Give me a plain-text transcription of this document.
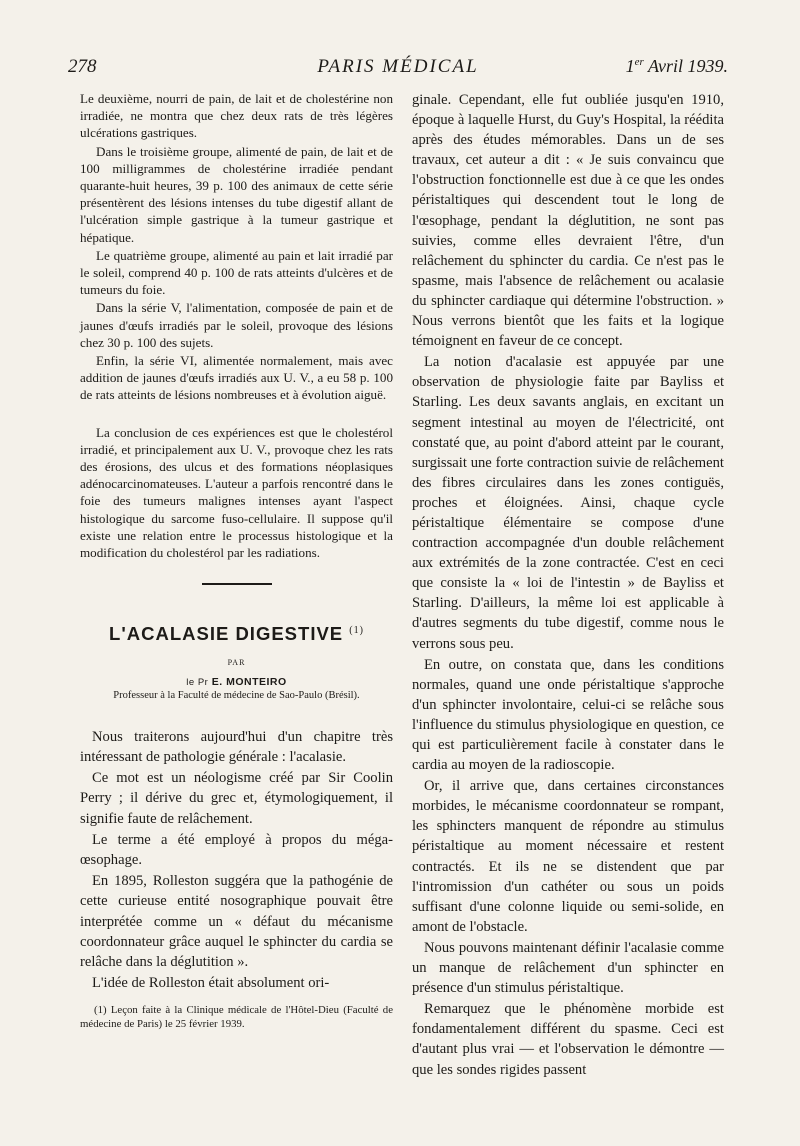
278	PARIS MÉDICAL	1er Avril 1939.

Le deuxième, nourri de pain, de lait et de cholestérine non irradiée, ne montra que chez deux rats de très légères ulcérations gastriques.

Dans le troisième groupe, alimenté de pain, de lait et de 100 milligrammes de cholestérine irradiée pendant quarante-huit heures, 39 p. 100 des animaux de cette série présentèrent des lésions intenses du tube digestif allant de l'ulcération simple gastrique à la tumeur gastrique et hépatique.

Le quatrième groupe, alimenté au pain et lait irradié par le soleil, comprend 40 p. 100 de rats atteints d'ulcères et de tumeurs du foie.

Dans la série V, l'alimentation, composée de pain et de jaunes d'œufs irradiés par le soleil, provoque des lésions chez 30 p. 100 des sujets.

Enfin, la série VI, alimentée normalement, mais avec addition de jaunes d'œufs irradiés aux U. V., a eu 58 p. 100 de rats atteints de lésions nombreuses et à évolution aiguë.

La conclusion de ces expériences est que le cholestérol irradié, et principalement aux U. V., provoque chez les rats des érosions, des ulcus et des formations néoplasiques adénocarcinomateuses. L'auteur a parfois rencontré dans le foie des tumeurs malignes intenses ayant l'aspect histologique du sarcome fuso-cellulaire. Il suppose qu'il existe une relation entre le processus histologique et la modification du cholestérol par les radiations.

L'ACALASIE DIGESTIVE $^{(1)}$
PAR
le Pr E. MONTEIRO
Professeur à la Faculté de médecine de Sao-Paulo (Brésil).

Nous traiterons aujourd'hui d'un chapitre très intéressant de pathologie générale : l'acalasie.

Ce mot est un néologisme créé par Sir Coolin Perry ; il dérive du grec et, étymologiquement, il signifie faute de relâchement.

Le terme a été employé à propos du méga-œsophage.

En 1895, Rolleston suggéra que la pathogénie de cette curieuse entité nosographique pouvait être interprétée comme un « défaut du mécanisme coordonnateur grâce auquel le sphincter du cardia se relâche dans la déglutition ».

L'idée de Rolleston était absolument ori-

(1) Leçon faite à la Clinique médicale de l'Hôtel-Dieu (Faculté de médecine de Paris) le 25 février 1939.

ginale. Cependant, elle fut oubliée jusqu'en 1910, époque à laquelle Hurst, du Guy's Hospital, la réédita après des études mémorables. Dans un de ses travaux, cet auteur a dit : « Je suis convaincu que l'obstruction fonctionnelle est due à ce que les ondes péristaltiques qui descendent tout le long de l'œsophage, pendant la déglutition, ne sont pas suivies, comme elles devraient l'être, d'un relâchement du sphincter du cardia. Ce n'est pas le spasme, mais l'absence de relâchement ou acalasie du sphincter cardiaque qui détermine l'obstruction. » Nous verrons bientôt que les faits et la logique témoignent en faveur de ce concept.

La notion d'acalasie est appuyée par une observation de physiologie faite par Bayliss et Starling. Les deux savants anglais, en excitant un segment intestinal au moyen de l'électricité, ont constaté que, au point d'abord atteint par le courant, surgissait une forte contraction suivie de relâchement des fibres circulaires dans les zones contiguës, proches et éloignées. Ainsi, chaque cycle péristaltique élémentaire se compose d'une contraction accompagnée d'un double relâchement aux extrémités de la zone contractée. C'est en ceci que consiste la « loi de l'intestin » de Bayliss et Starling. D'ailleurs, la même loi est applicable à d'autres segments du tube digestif, comme nous le verrons sous peu.

En outre, on constata que, dans les conditions normales, quand une onde péristaltique s'approche d'un sphincter involontaire, celui-ci se relâche sous l'influence du stimulus physiologique en question, ce qui est particulièrement facile à constater dans le cardia au moyen de la radioscopie.

Or, il arrive que, dans certaines circonstances morbides, le mécanisme coordonnateur se rompant, les sphincters manquent de répondre au stimulus péristaltique au moment nécessaire et restent contractés. Et ils ne se distendent que par l'intromission d'un cathéter ou sous un poids suffisant d'une colonne liquide ou semi-solide, en amont de l'obstacle.

Nous pouvons maintenant définir l'acalasie comme un manque de relâchement d'un sphincter en présence d'un stimulus péristaltique.

Remarquez que le phénomène morbide est fondamentalement différent du spasme. Ceci est d'autant plus vrai — et l'observation le démontre — que les sondes rigides passent
